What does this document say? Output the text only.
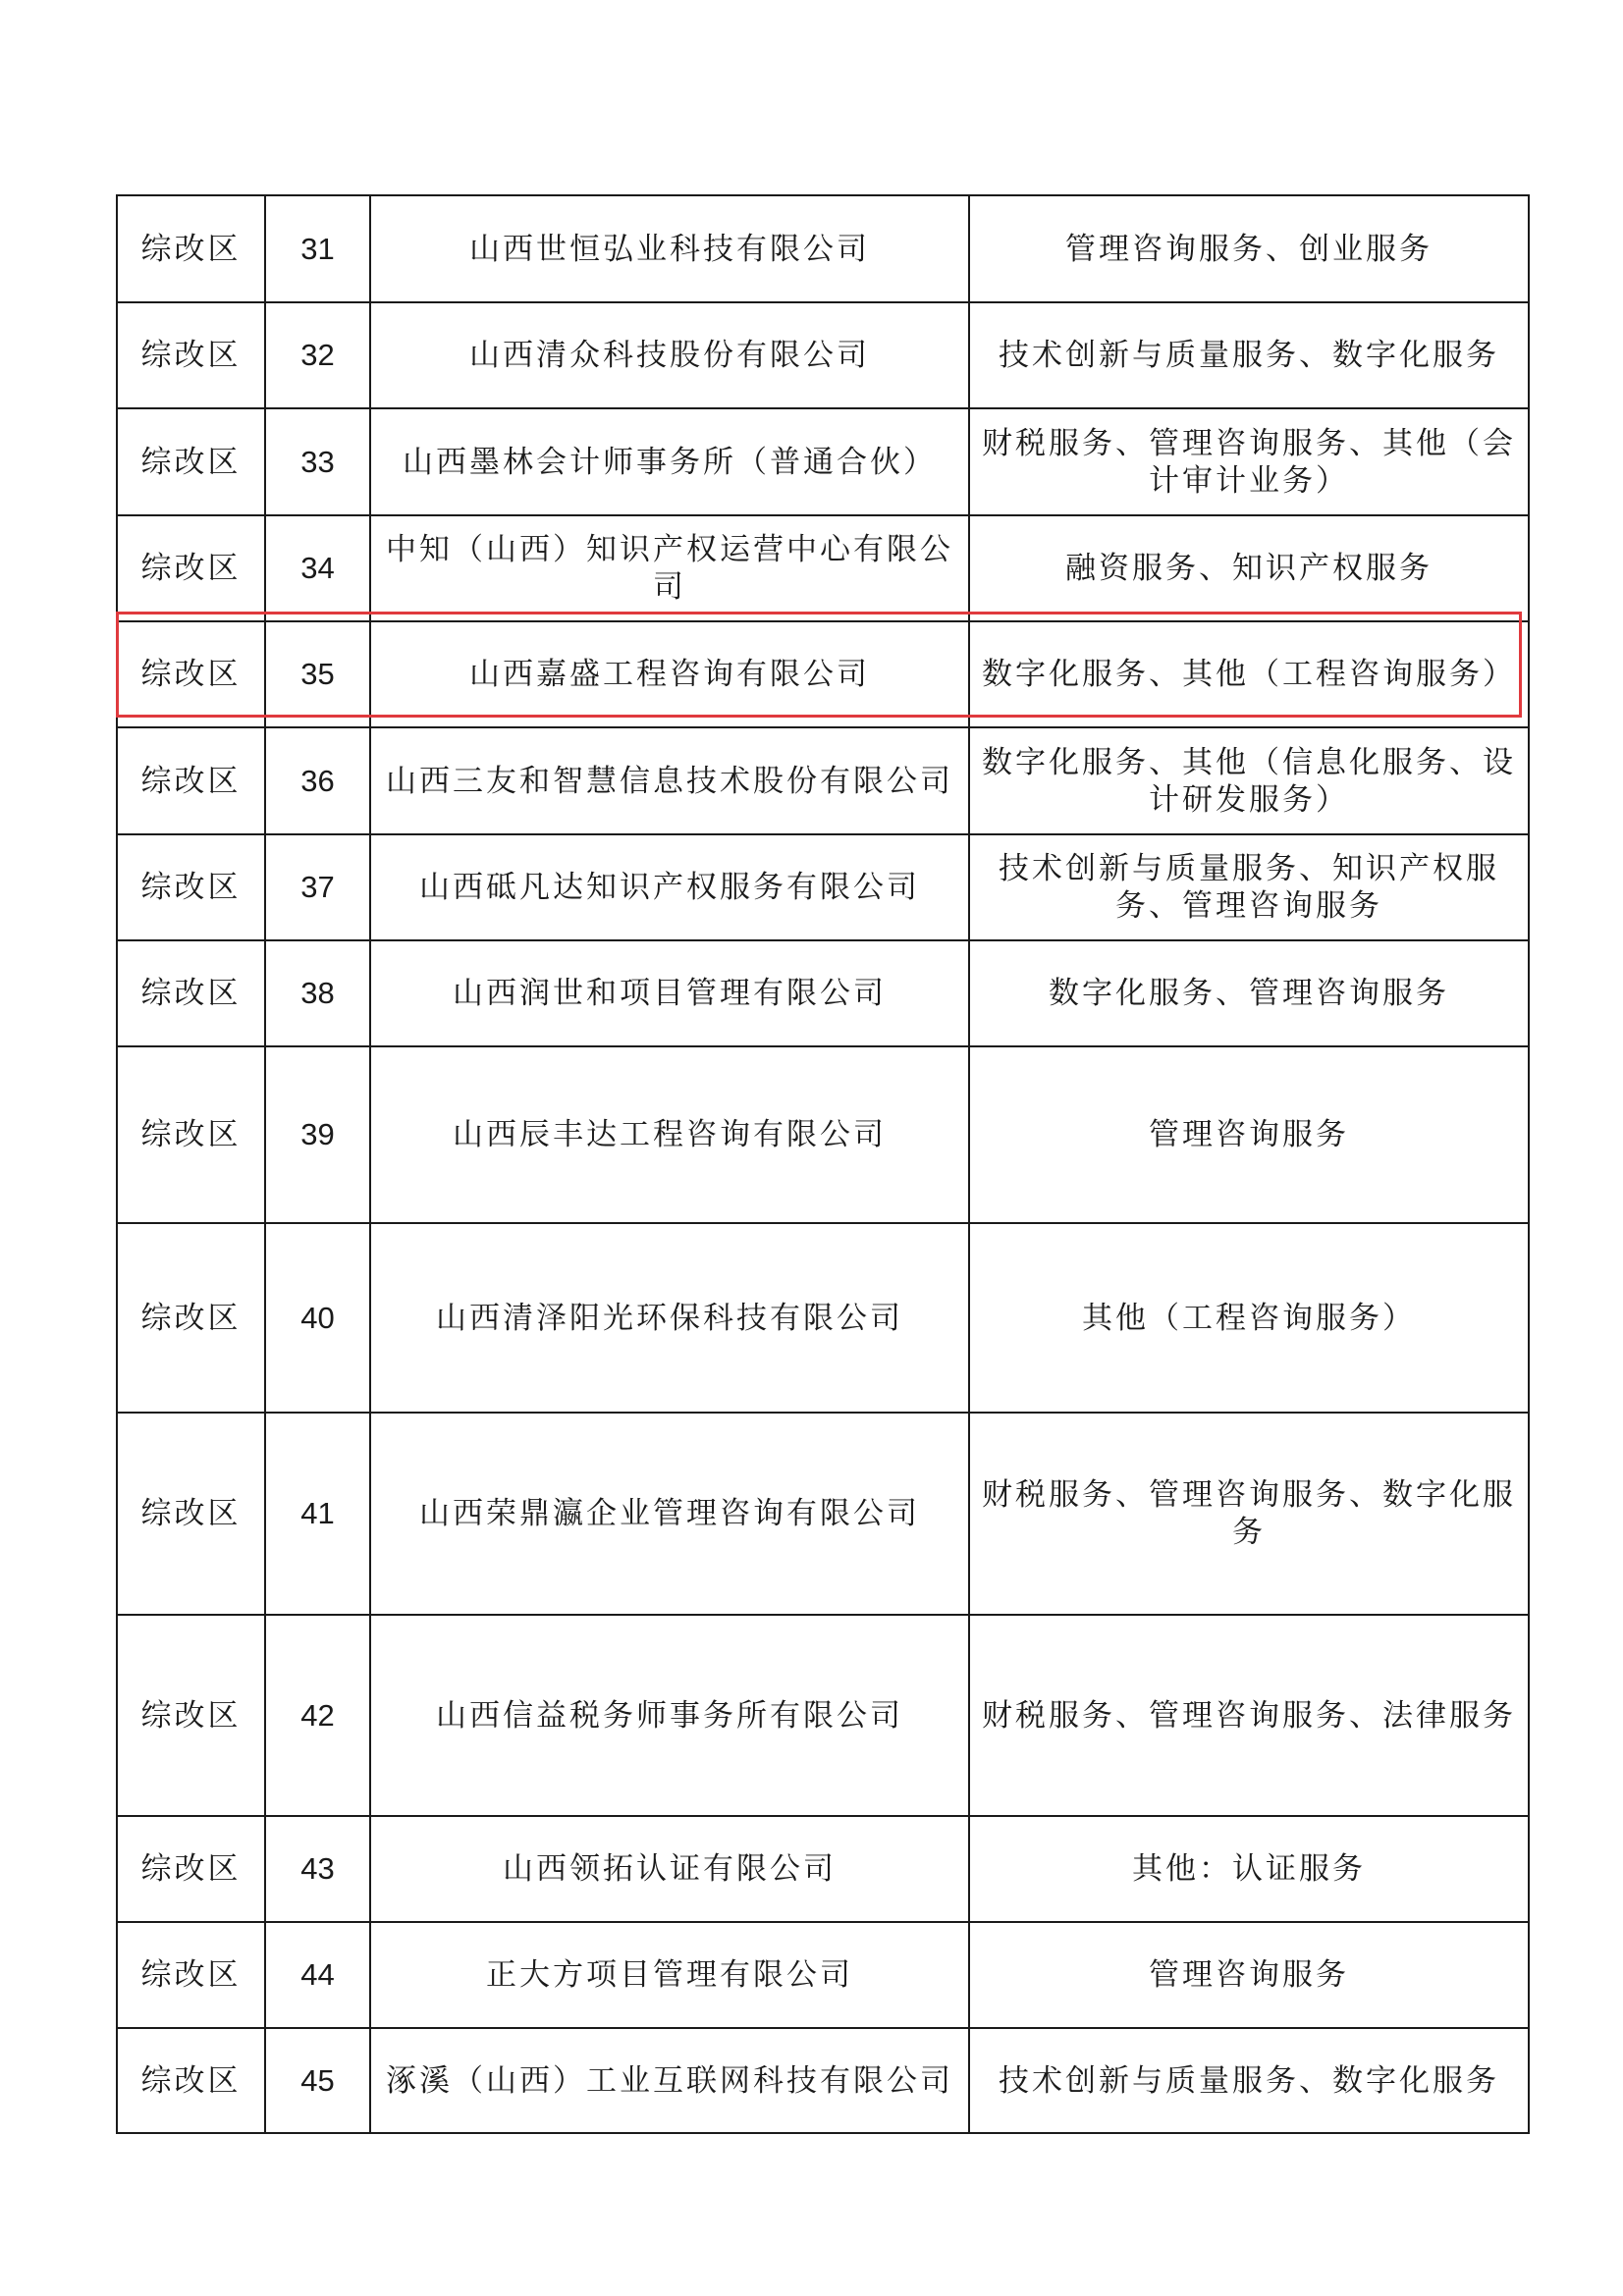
综改区	31	山西世恒弘业科技有限公司	管理咨询服务、创业服务
综改区	32	山西清众科技股份有限公司	技术创新与质量服务、数字化服务
综改区	33	山西墨林会计师事务所（普通合伙）	财税服务、管理咨询服务、其他（会计审计业务）
综改区	34	中知（山西）知识产权运营中心有限公司	融资服务、知识产权服务
综改区	35	山西嘉盛工程咨询有限公司	数字化服务、其他（工程咨询服务）
综改区	36	山西三友和智慧信息技术股份有限公司	数字化服务、其他（信息化服务、设计研发服务）
综改区	37	山西砥凡达知识产权服务有限公司	技术创新与质量服务、知识产权服务、管理咨询服务
综改区	38	山西润世和项目管理有限公司	数字化服务、管理咨询服务
综改区	39	山西辰丰达工程咨询有限公司	管理咨询服务
综改区	40	山西清泽阳光环保科技有限公司	其他（工程咨询服务）
综改区	41	山西荣鼎瀛企业管理咨询有限公司	财税服务、管理咨询服务、数字化服务
综改区	42	山西信益税务师事务所有限公司	财税服务、管理咨询服务、法律服务
综改区	43	山西领拓认证有限公司	其他：认证服务
综改区	44	正大方项目管理有限公司	管理咨询服务
综改区	45	涿溪（山西）工业互联网科技有限公司	技术创新与质量服务、数字化服务
